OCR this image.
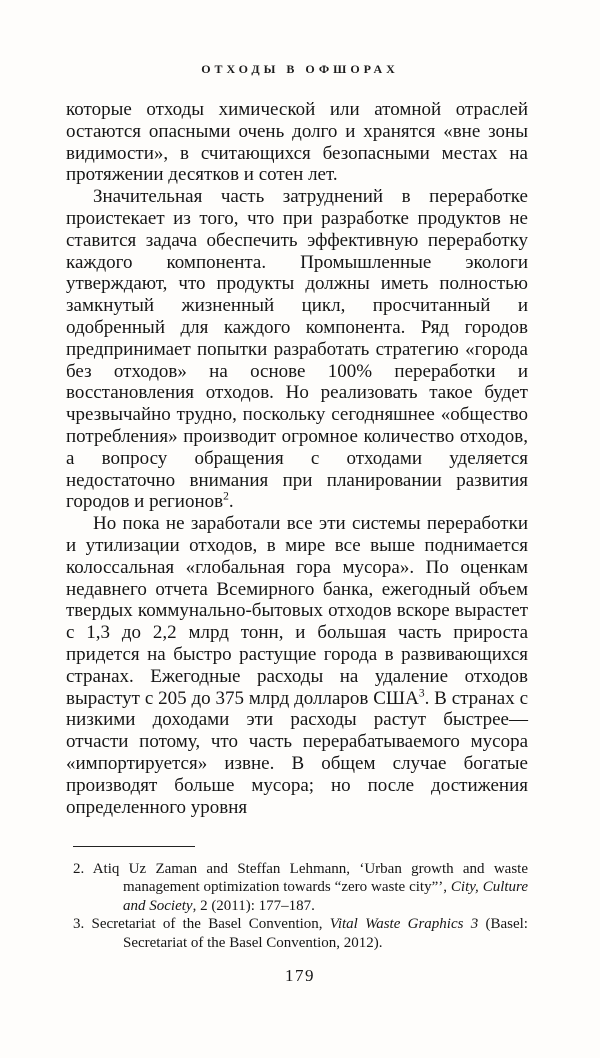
ОТХОДЫ В ОФШОРАХ

которые отходы химической или атомной отраслей остаются опасными очень долго и хранятся «вне зоны видимости», в считающихся безопасными местах на протяжении десятков и сотен лет.

Значительная часть затруднений в переработке проистекает из того, что при разработке продуктов не ставится задача обеспечить эффективную переработку каждого компонента. Промышленные экологи утверждают, что продукты должны иметь полностью замкнутый жизненный цикл, просчитанный и одобренный для каждого компонента. Ряд городов предпринимает попытки разработать стратегию «города без отходов» на основе 100% переработки и восстановления отходов. Но реализовать такое будет чрезвычайно трудно, поскольку сегодняшнее «общество потребления» производит огромное количество отходов, а вопросу обращения с отходами уделяется недостаточно внимания при планировании развития городов и регионов$^2$.

Но пока не заработали все эти системы переработки и утилизации отходов, в мире все выше поднимается колоссальная «глобальная гора мусора». По оценкам недавнего отчета Всемирного банка, ежегодный объем твердых коммунально-бытовых отходов вскоре вырастет с 1,3 до 2,2 млрд тонн, и большая часть прироста придется на быстро растущие города в развивающихся странах. Ежегодные расходы на удаление отходов вырастут с 205 до 375 млрд долларов США$^3$. В странах с низкими доходами эти расходы растут быстрее—отчасти потому, что часть перерабатываемого мусора «импортируется» извне. В общем случае богатые производят больше мусора; но после достижения определенного уровня

2. Atiq Uz Zaman and Steffan Lehmann, ‘Urban growth and waste management optimization towards “zero waste city”’, City, Culture and Society, 2 (2011): 177–187.

3. Secretariat of the Basel Convention, Vital Waste Graphics 3 (Basel: Secretariat of the Basel Convention, 2012).

179
